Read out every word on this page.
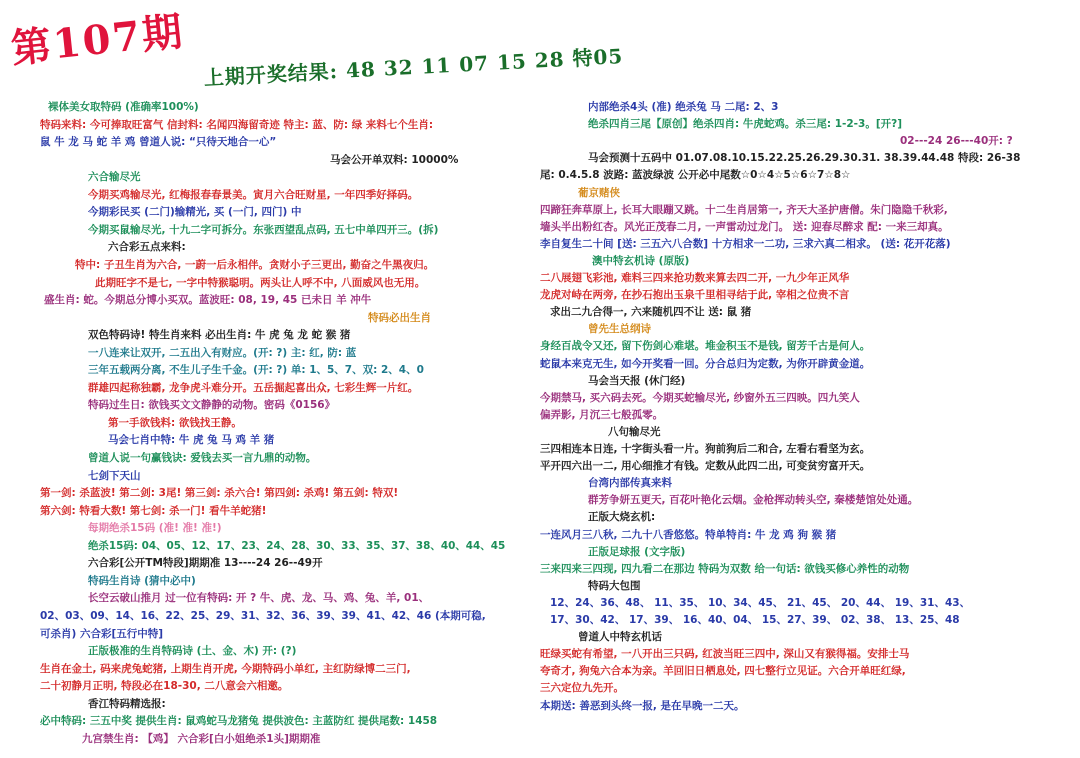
第107期 上期开奖结果: 48 32 11 07 15 28 特05
裸体美女取特码 (准确率100%)
特码来料: 今可捧取旺富气 信封料: 名闻四海留奇迹 特主: 蓝、防: 绿 来料七个生肖:
鼠 牛 龙 马 蛇 羊 鸡 曾道人说: “只待天地合一心”
马会公开单双料: 10000%
六合输尽光
今期买鸡输尽光, 红梅报春春景美。寅月六合旺财星, 一年四季好择码。
今期彩民买 (二门)输精光, 买 (一门, 四门) 中
今期买鼠输尽光, 十九二字可拆分。东张西望乱点码, 五七中单四开三。(拆)
六合彩五点来料:
特中: 子丑生肖为六合, 一蔚一后永相伴。贪财小子三更出, 勤奋之牛黑夜归。
此期旺字不是七, 一字中特猴聪明。两头让人呼不中, 八面威风也无用。
盛生肖: 蛇。今期总分博小买双。蓝波旺: 08, 19, 45 已未日 羊 冲牛
特码必出生肖
双色特码诗! 特生肖来料 必出生肖: 牛 虎 兔 龙 蛇 猴 猪
一八连来让双开, 二五出入有财应。(开: ?) 主: 红, 防: 蓝
三年五载两分离, 不生儿子生千金。(开: ?) 单: 1、5、7、双: 2、4、0
群雄四起称独霸, 龙争虎斗难分开。五岳掘起喜出众, 七彩生辉一片红。
特码过生日: 欲钱买文文静静的动物。密码《0156》
第一手欲钱料: 欲钱找王静。
马会七肖中特: 牛 虎 兔 马 鸡 羊 猪
曾道人说一句赢钱诀: 爱钱去买一言九鼎的动物。
七剑下天山
第一剑: 杀蓝波! 第二剑: 3尾! 第三剑: 杀六合! 第四剑: 杀鸡! 第五剑: 特双!
第六剑: 特看大数! 第七剑: 杀一门! 看牛羊蛇猪!
每期绝杀15码 (准! 准! 准!)
绝杀15码: 04、05、12、17、23、24、28、30、33、35、37、38、40、44、45
六合彩[公开TM特段]期期准 13----24 26--49开
特码生肖诗 (猜中必中)
长空云破山推月 过一位有特码: 开 ? 牛、虎、龙、马、鸡、兔、羊, 01、
02、03、09、14、16、22、25、29、31、32、36、39、39、41、42、46 (本期可稳,
可杀肖) 六合彩[五行中特]
正版极准的生肖特码诗 (土、金、木) 开: (?)
生肖在金土, 码来虎兔蛇猪, 上期生肖开虎, 今期特码小单红, 主红防绿博二三门,
二十初静月正明, 特段必在18-30, 二八意会六相邀。
香江特码精选报:
必中特码: 三五中奖 提供生肖: 鼠鸡蛇马龙猪兔 提供波色: 主蓝防红 提供尾数: 1458
九宫禁生肖: 【鸡】 六合彩[白小姐绝杀1头]期期准
内部绝杀4头 (准) 绝杀兔 马 二尾: 2、3
绝杀四肖三尾【原创】绝杀四肖: 牛虎蛇鸡。杀三尾: 1-2-3。[开?]
02---24 26---40开: ?
马会预测十五码中 01.07.08.10.15.22.25.26.29.30.31. 38.39.44.48 特段: 26-38
尾: 0.4.5.8 波路: 蓝波绿波 公开必中尾数☆0☆4☆5☆6☆7☆8☆
葡京赌侠
四蹄狂奔草原上, 长耳大眼蹦又跳。十二生肖居第一, 齐天大圣护唐僧。朱门隐隐千秋彩,
墙头半出粉红杏。风光正茂春二月, 一声雷动过龙门。 送: 迎春尽醉求 配: 一来三却真。
李自复生二十间 [送: 三五六八合数] 十方相求一二功, 三求六真二相求。 (送: 花开花落)
澳中特玄机诗 (原版)
二八展翅飞彩池, 难料三四来抢功数来算去四二开, 一九少年正风华
龙虎对峙在两旁, 在抄石抱出玉泉千里相寻结于此, 宰相之位贵不言
求出二九合得一, 六来随机四不让 送: 鼠 猪
曾先生总纲诗
身经百战令又还, 留下伤剑心难堪。堆金积玉不是钱, 留芳千古是何人。
蛇鼠本来克无生, 如今开奖看一回。分合总归为定数, 为你开辟黄金道。
马会当天报 (休门经)
今期禁马, 买六码去死。今期买蛇输尽光, 纱窗外五三四映。四九笑人
偏弄影, 月沉三七般孤零。
八句输尽光
三四相连本日连, 十字街头看一片。狗前狗后二和合, 左看右看坚为玄。
平开四六出一二, 用心细推才有钱。定数从此四二出, 可变贫穷富开天。
台湾内部传真来料
群芳争妍五更天, 百花叶艳化云烟。金枪挥动转头空, 秦楼楚馆处处通。
正版大烧玄机:
一连风月三八秋, 二九十八香悠悠。特单特肖: 牛 龙 鸡 狗 猴 猪
正版足球报 (文字版)
三来四来三四现, 四九看二在那边 特码为双数 给一句话: 欲钱买修心养性的动物
特码大包围
12、24、36、48、 11、35、 10、34、45、 21、45、 20、44、 19、31、43、
17、30、42、 17、39、 16、40、04、 15、27、39、 02、38、 13、25、48
曾道人中特玄机话
旺绿买蛇有希望, 一八开出三只码, 红波当旺三四中, 深山又有猴得福。安排士马
夸奇才, 狗兔六合本为亲。羊回旧日栖息处, 四七整行立见证。六合开单旺红绿,
三六定位九先开。
本期送: 善恶到头终一报, 是在早晚一二天。
